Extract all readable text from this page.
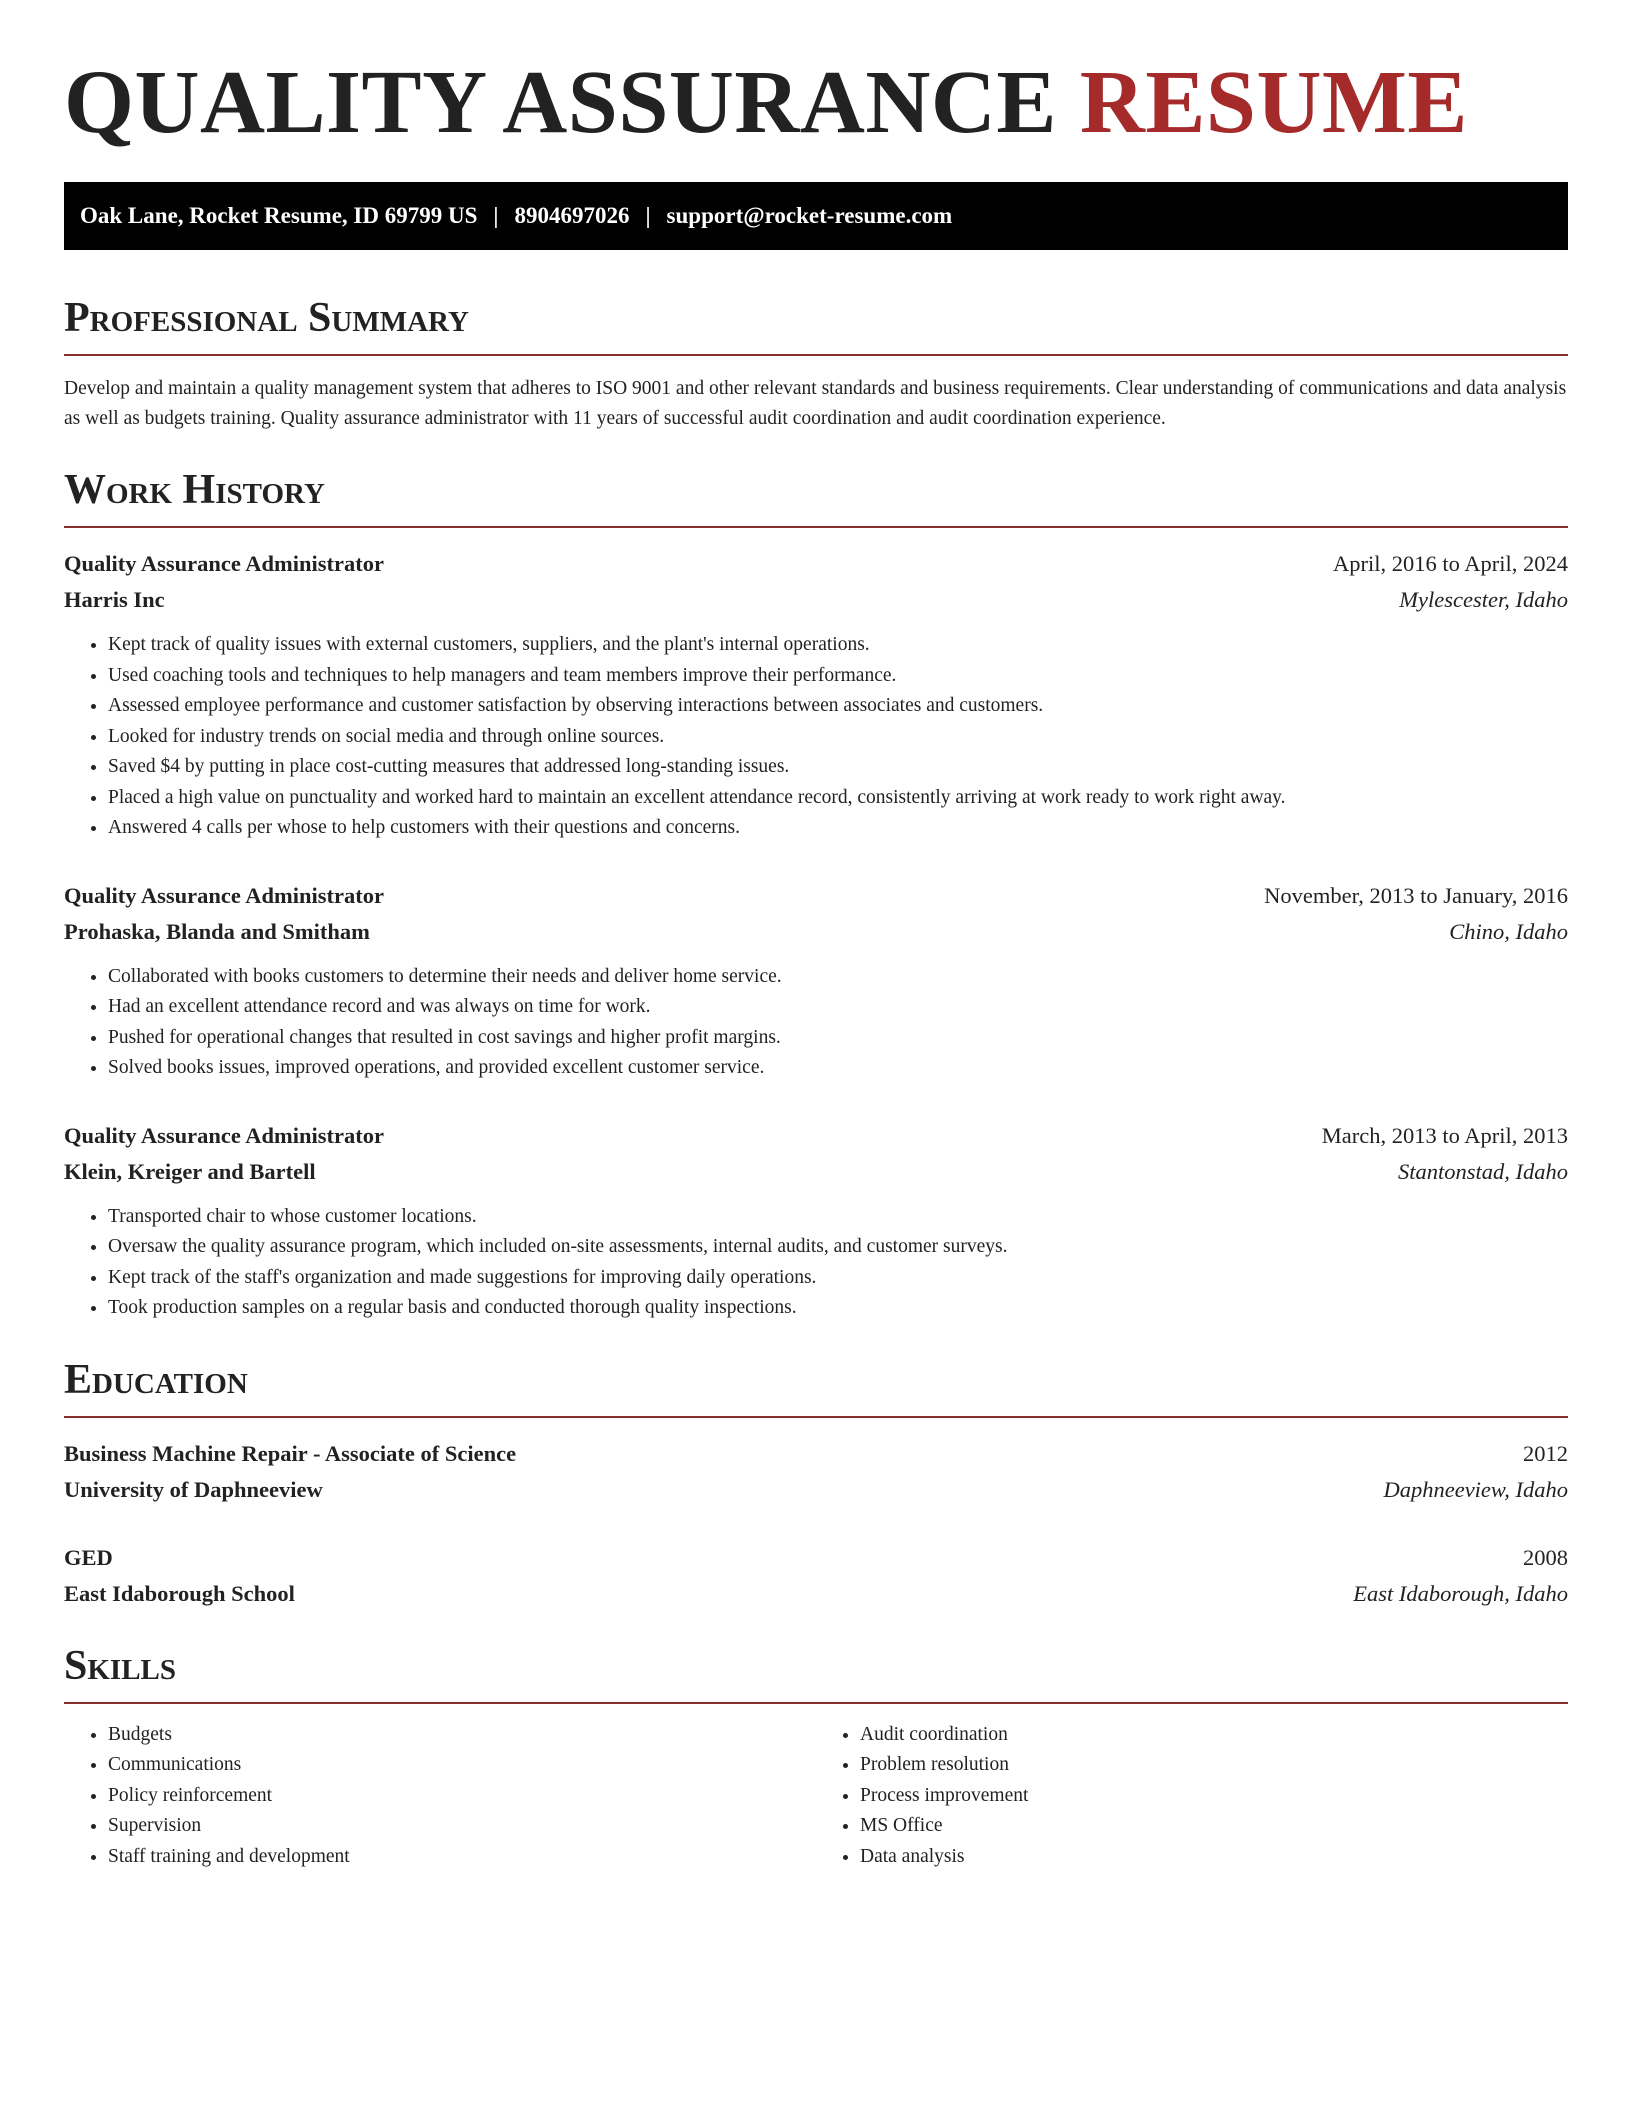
QUALITY ASSURANCE RESUME
Oak Lane, Rocket Resume, ID 69799 US | 8904697026 | support@rocket-resume.com
Professional Summary

Develop and maintain a quality management system that adheres to ISO 9001 and other relevant standards and business requirements. Clear understanding of communications and data analysis as well as budgets training. Quality assurance administrator with 11 years of successful audit coordination and audit coordination experience.

Work History
Quality Assurance Administrator	April, 2016 to April, 2024
Harris Inc	Mylescester, Idaho
• Kept track of quality issues with external customers, suppliers, and the plant's internal operations.
• Used coaching tools and techniques to help managers and team members improve their performance.
• Assessed employee performance and customer satisfaction by observing interactions between associates and customers.
• Looked for industry trends on social media and through online sources.
• Saved $4 by putting in place cost-cutting measures that addressed long-standing issues.
• Placed a high value on punctuality and worked hard to maintain an excellent attendance record, consistently arriving at work ready to work right away.
• Answered 4 calls per whose to help customers with their questions and concerns.
Quality Assurance Administrator	November, 2013 to January, 2016
Prohaska, Blanda and Smitham	Chino, Idaho
• Collaborated with books customers to determine their needs and deliver home service.
• Had an excellent attendance record and was always on time for work.
• Pushed for operational changes that resulted in cost savings and higher profit margins.
• Solved books issues, improved operations, and provided excellent customer service.
Quality Assurance Administrator	March, 2013 to April, 2013
Klein, Kreiger and Bartell	Stantonstad, Idaho
• Transported chair to whose customer locations.
• Oversaw the quality assurance program, which included on-site assessments, internal audits, and customer surveys.
• Kept track of the staff's organization and made suggestions for improving daily operations.
• Took production samples on a regular basis and conducted thorough quality inspections.
Education
Business Machine Repair - Associate of Science	2012
University of Daphneeview	Daphneeview, Idaho
GED	2008
East Idaborough School	East Idaborough, Idaho
Skills
• Budgets
• Communications
• Policy reinforcement
• Supervision
• Staff training and development
• Audit coordination
• Problem resolution
• Process improvement
• MS Office
• Data analysis
